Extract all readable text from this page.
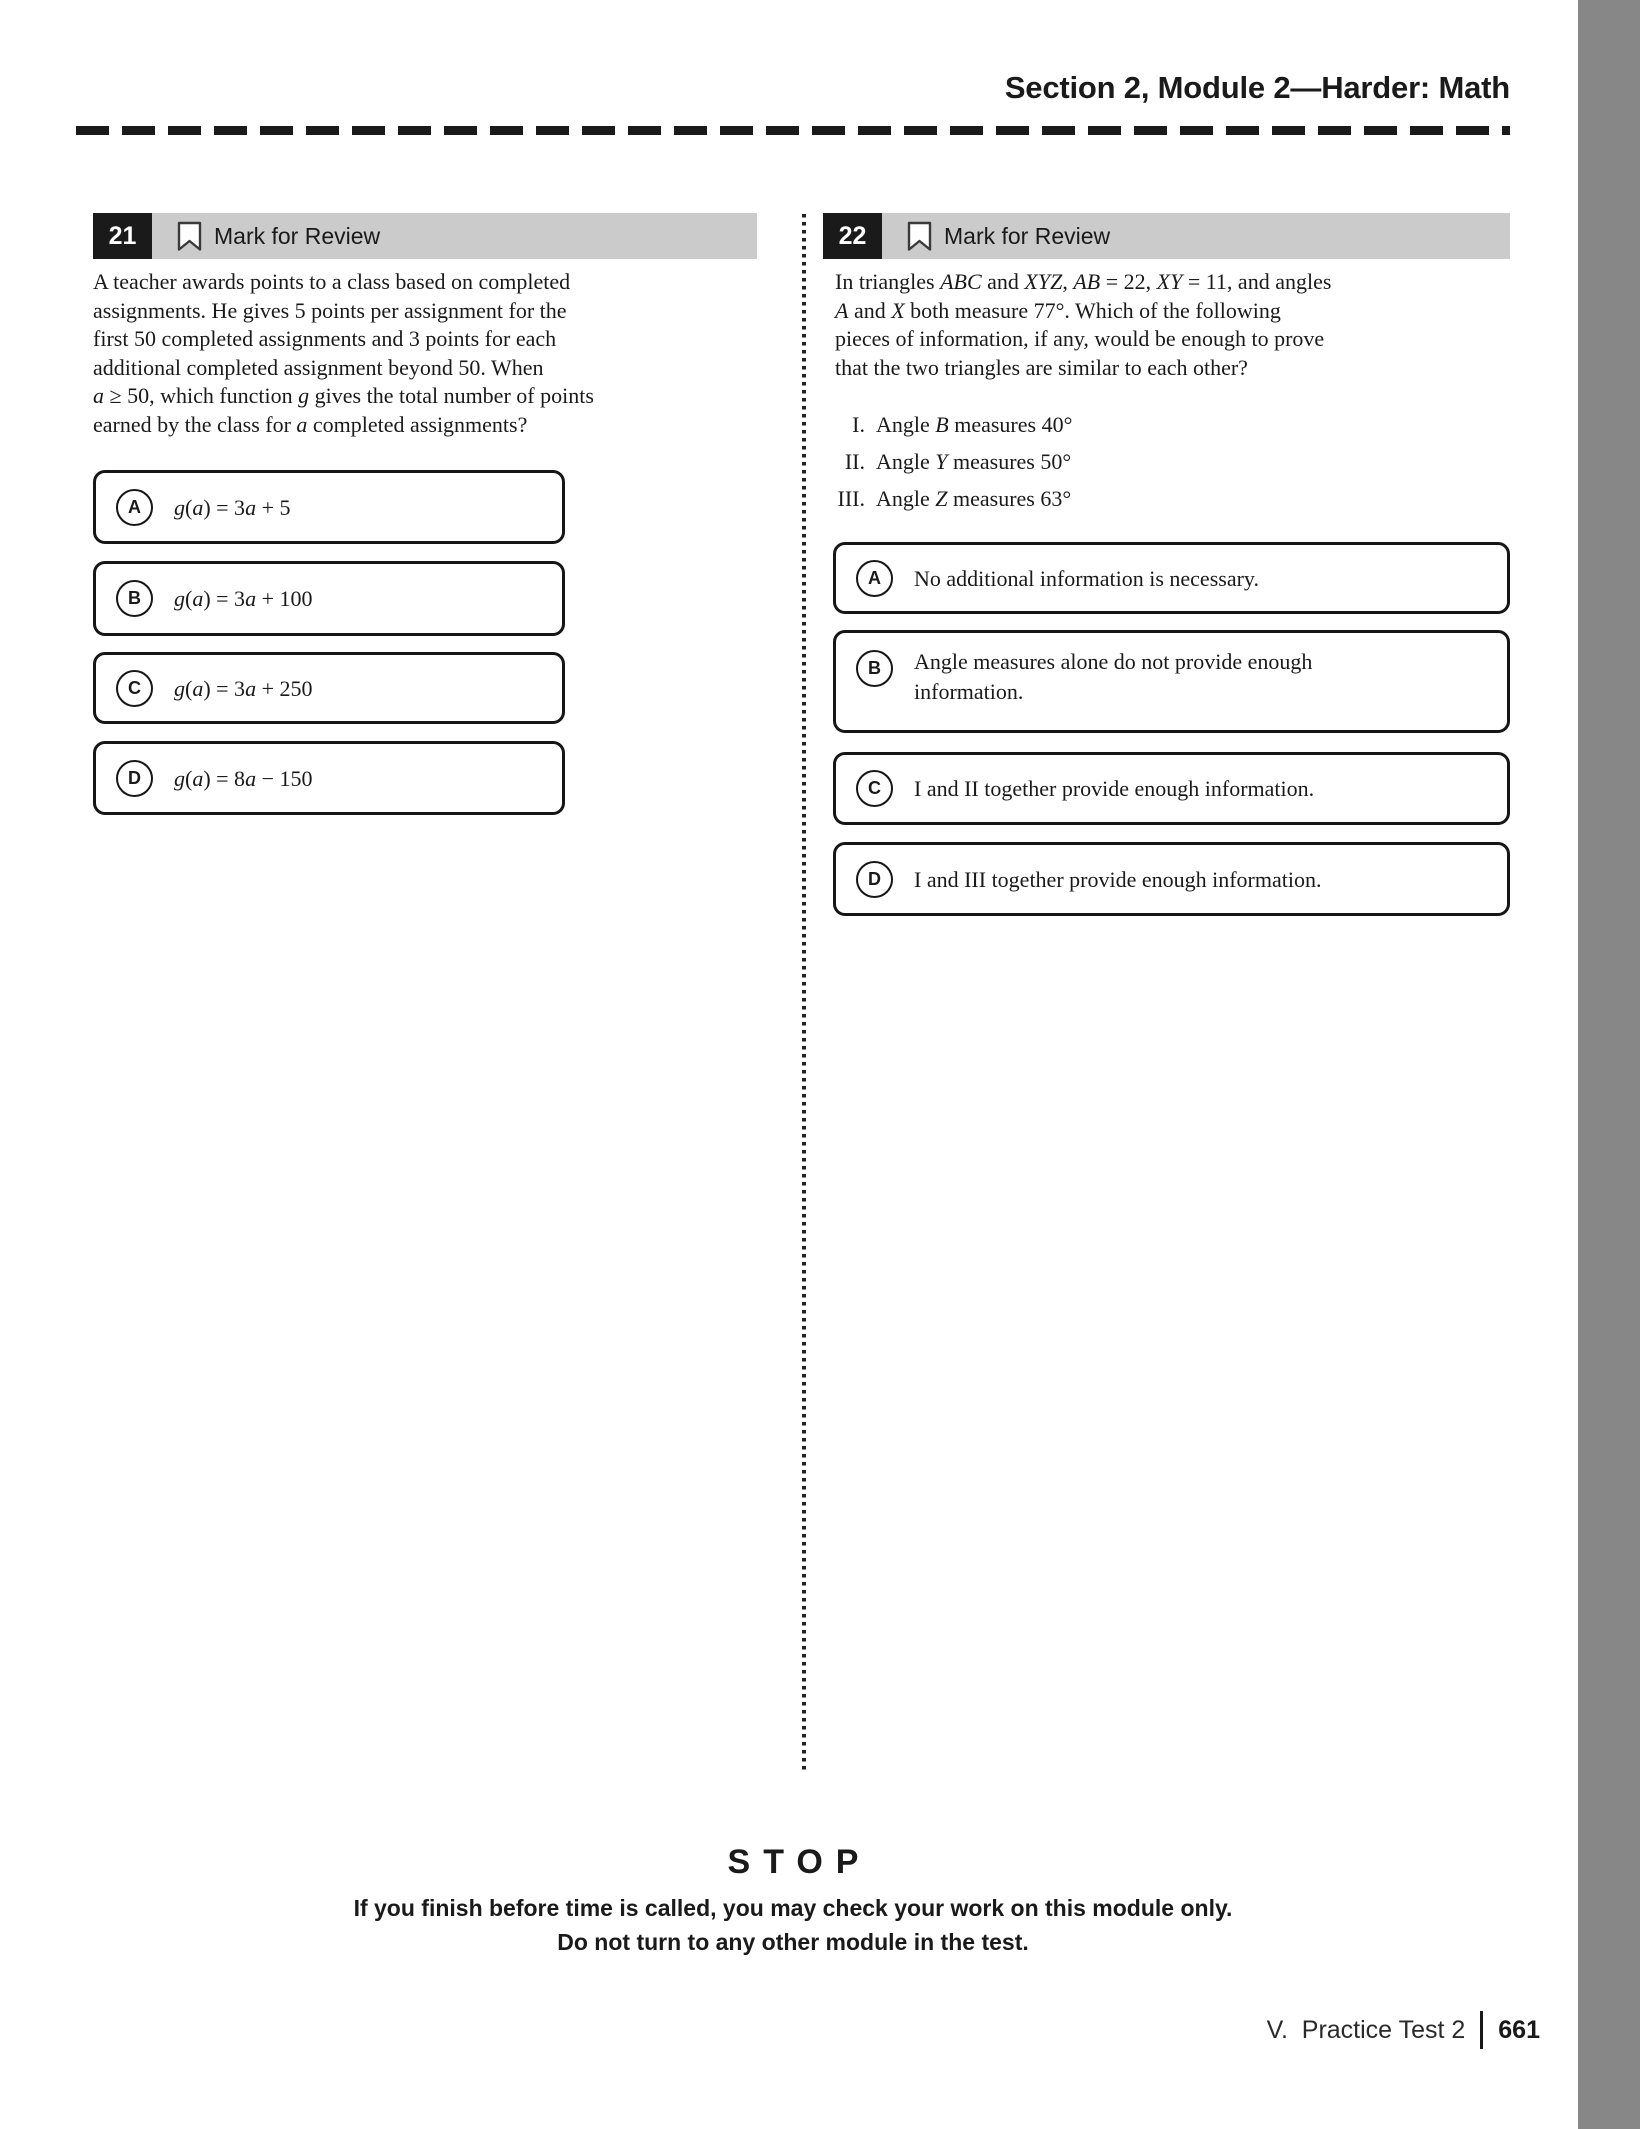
Section 2, Module 2—Harder: Math
21	Mark for Review
A teacher awards points to a class based on completed
assignments. He gives 5 points per assignment for the
first 50 completed assignments and 3 points for each
additional completed assignment beyond 50. When
a ≥ 50, which function g gives the total number of points
earned by the class for a completed assignments?
A	g(a) = 3a + 5
B	g(a) = 3a + 100
C	g(a) = 3a + 250
D	g(a) = 8a − 150
22	Mark for Review
In triangles ABC and XYZ, AB = 22, XY = 11, and angles
A and X both measure 77°. Which of the following
pieces of information, if any, would be enough to prove
that the two triangles are similar to each other?
I. Angle B measures 40°
II. Angle Y measures 50°
III. Angle Z measures 63°
A	No additional information is necessary.
B	Angle measures alone do not provide enough
information.
C	I and II together provide enough information.
D	I and III together provide enough information.
STOP
If you finish before time is called, you may check your work on this module only.
Do not turn to any other module in the test.
V.  Practice Test 2 661
